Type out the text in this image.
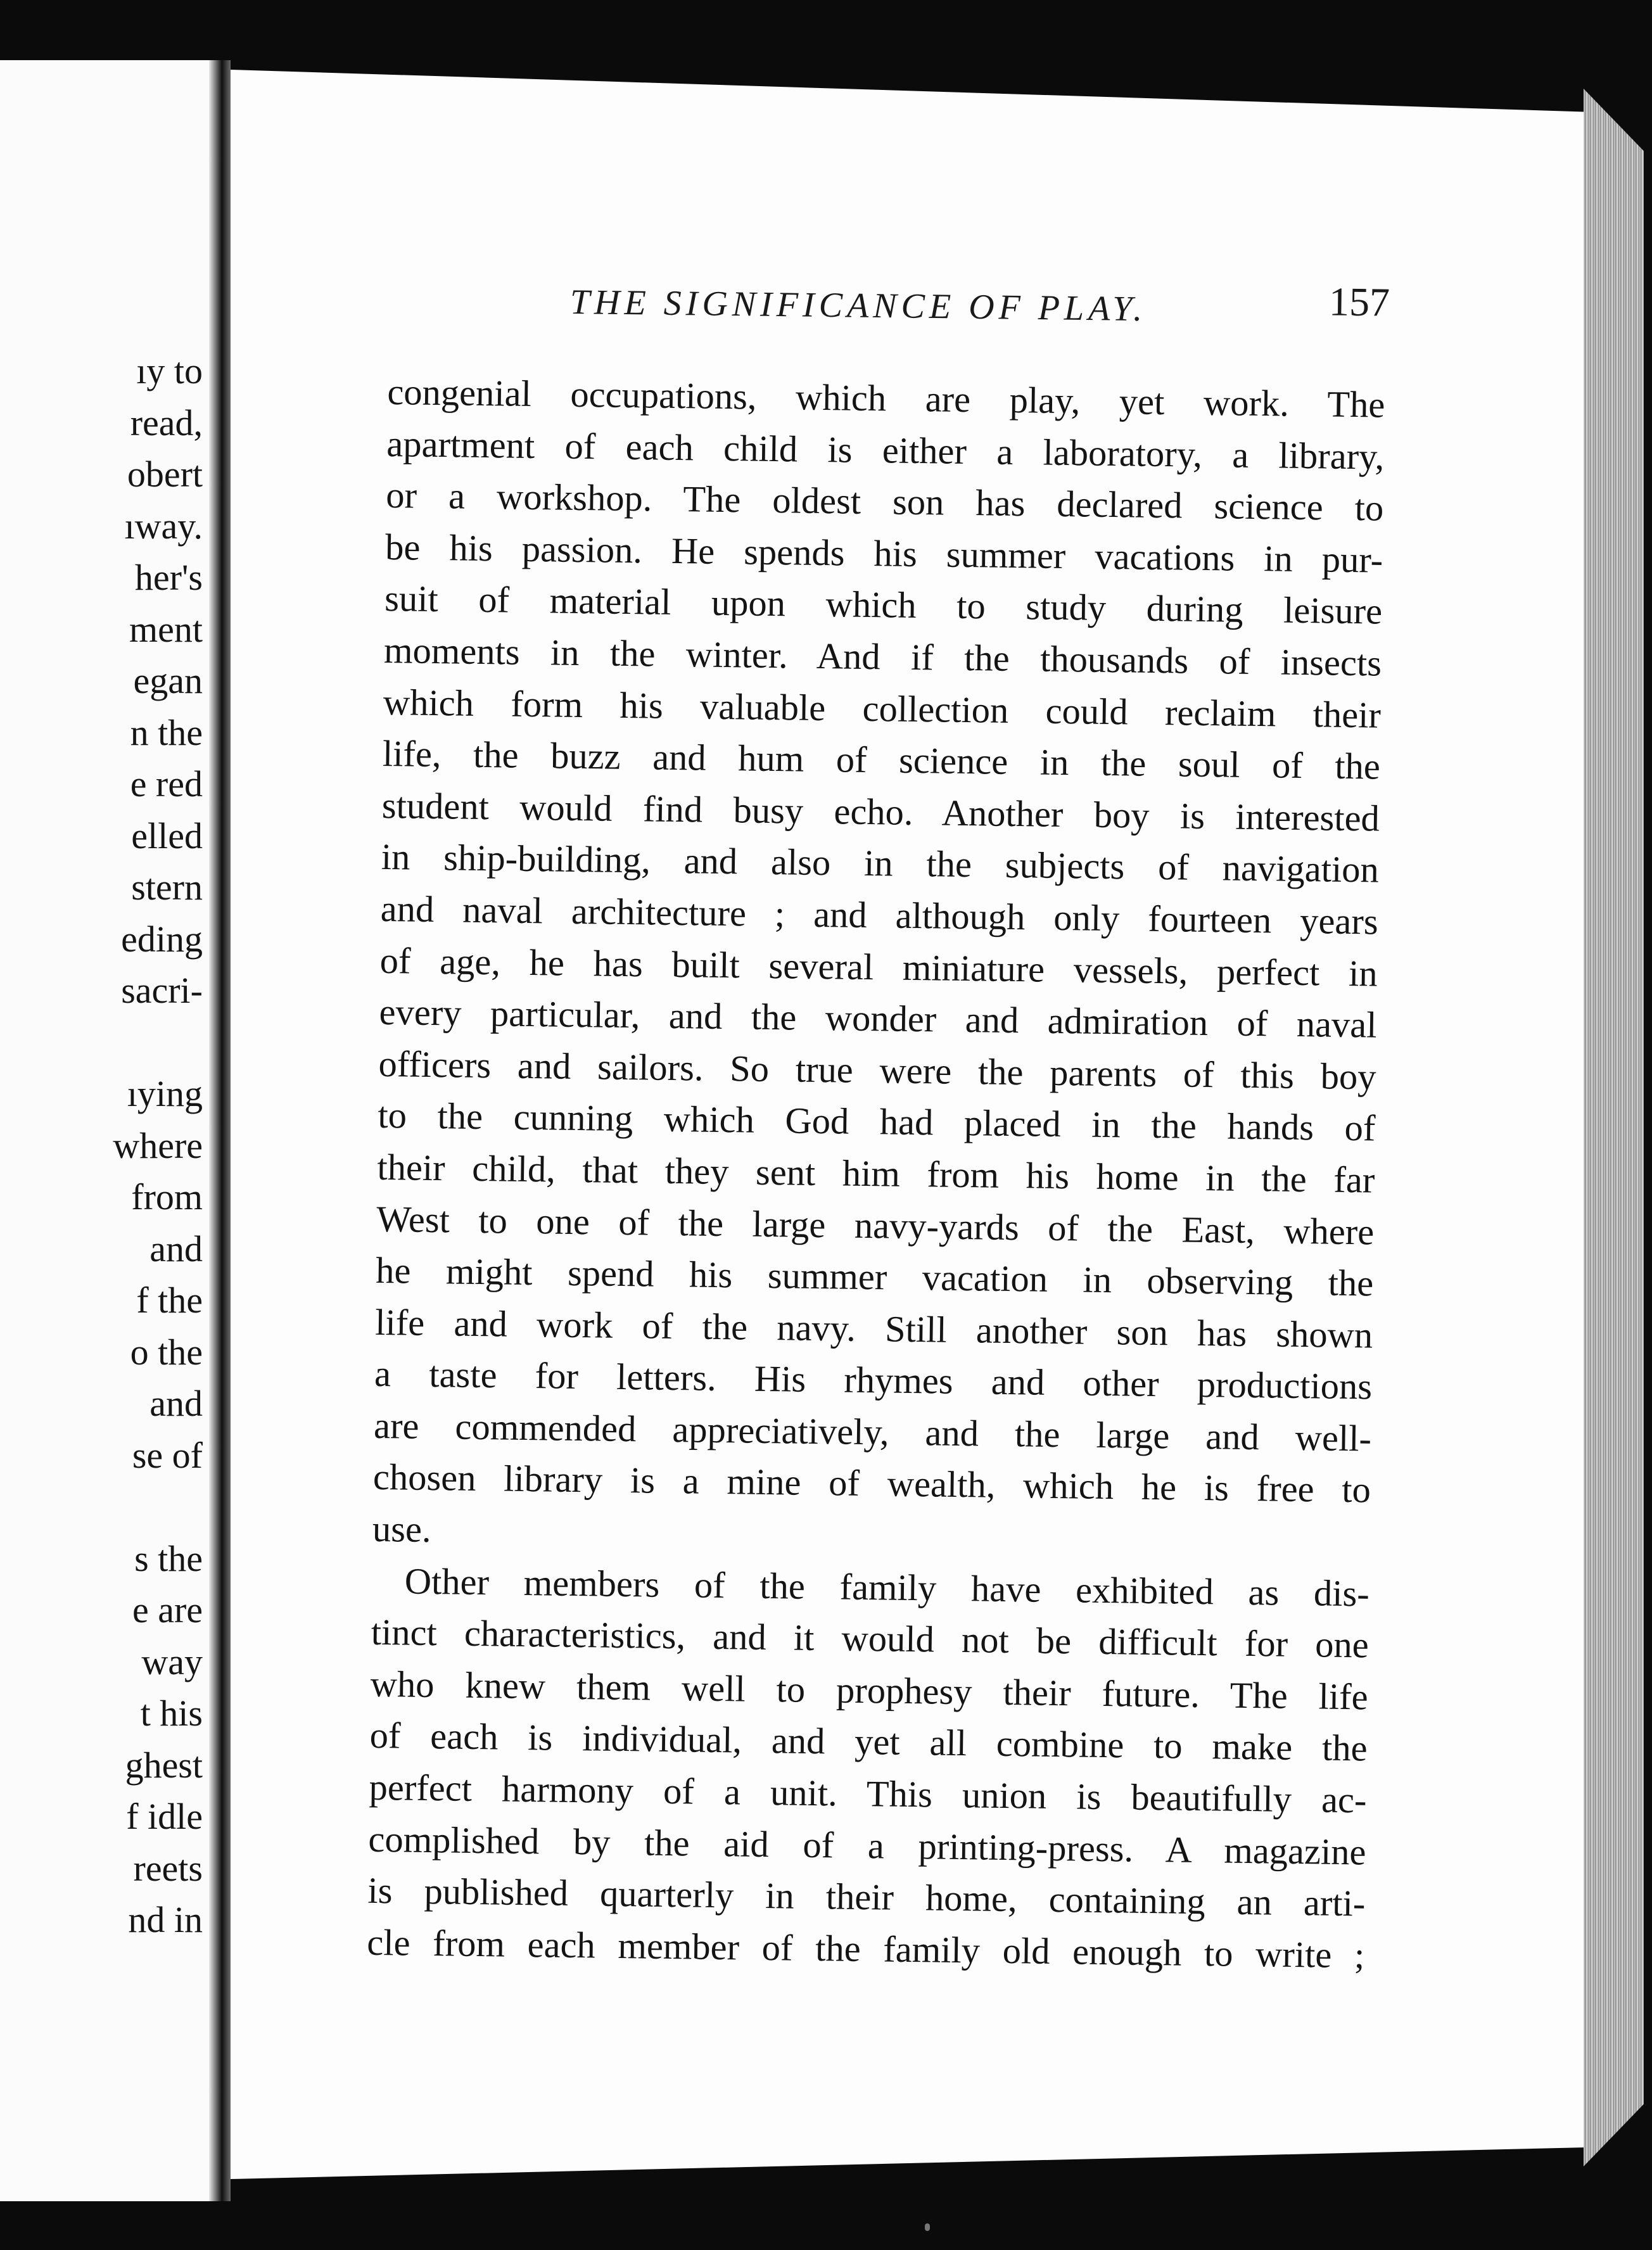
ıy to
read,
obert
ıway.
her's
ment
egan
n the
e red
elled
stern
eding
sacri-
ıying
where
from
and
f the
o the
and
se of
s the
e are
way
t his
ghest
f idle
reets
nd in
THE SIGNIFICANCE OF PLAY.	157
congenial occupations, which are play, yet work. The
apartment of each child is either a laboratory, a library,
or a workshop. The oldest son has declared science to
be his passion. He spends his summer vacations in pur-
suit of material upon which to study during leisure
moments in the winter. And if the thousands of insects
which form his valuable collection could reclaim their
life, the buzz and hum of science in the soul of the
student would find busy echo. Another boy is interested
in ship-building, and also in the subjects of navigation
and naval architecture ; and although only fourteen years
of age, he has built several miniature vessels, perfect in
every particular, and the wonder and admiration of naval
officers and sailors. So true were the parents of this boy
to the cunning which God had placed in the hands of
their child, that they sent him from his home in the far
West to one of the large navy-yards of the East, where
he might spend his summer vacation in observing the
life and work of the navy. Still another son has shown
a taste for letters. His rhymes and other productions
are commended appreciatively, and the large and well-
chosen library is a mine of wealth, which he is free to
use.
Other members of the family have exhibited as dis-
tinct characteristics, and it would not be difficult for one
who knew them well to prophesy their future. The life
of each is individual, and yet all combine to make the
perfect harmony of a unit. This union is beautifully ac-
complished by the aid of a printing-press. A magazine
is published quarterly in their home, containing an arti-
cle from each member of the family old enough to write ;
